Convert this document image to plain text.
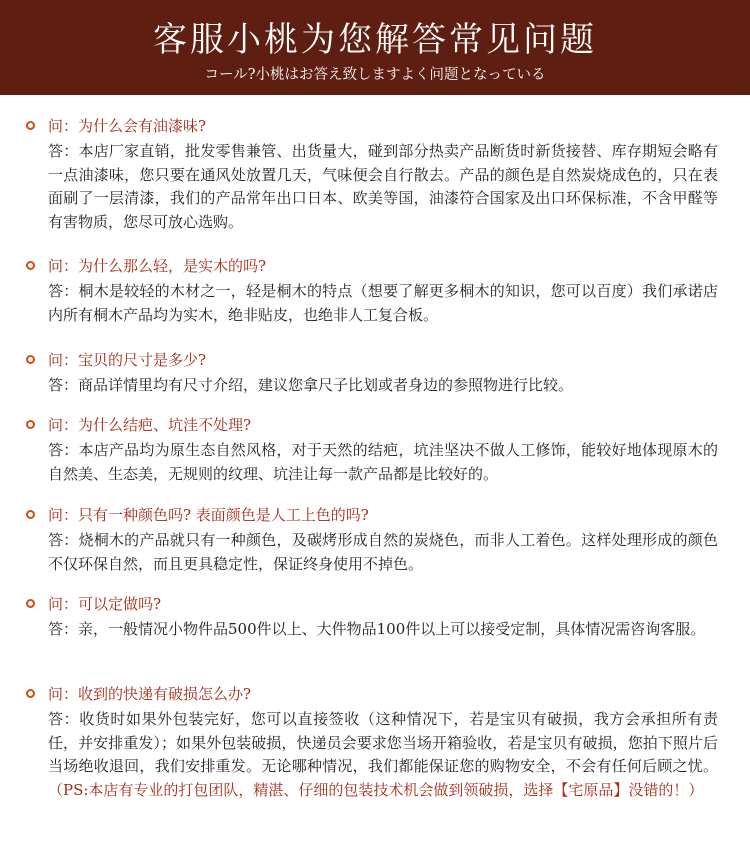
客服小桃为您解答常见问题
コール?小桃はお答え致しますよく问题となっている
问：为什么会有油漆味?

答：本店厂家直销，批发零售兼管、出货量大，碰到部分热卖产品断货时新货接替、库存期短会略有一点油漆味，您只要在通风处放置几天，气味便会自行散去。产品的颜色是自然炭烧成色的，只在表面刷了一层清漆，我们的产品常年出口日本、欧美等国，油漆符合国家及出口环保标准，不含甲醛等有害物质，您尽可放心选购。

问：为什么那么轻，是实木的吗?

答：桐木是较轻的木材之一，轻是桐木的特点（想要了解更多桐木的知识，您可以百度）我们承诺店内所有桐木产品均为实木，绝非贴皮，也绝非人工复合板。

问：宝贝的尺寸是多少?

答：商品详情里均有尺寸介绍，建议您拿尺子比划或者身边的参照物进行比较。

问：为什么结疤、坑洼不处理?

答：本店产品均为原生态自然风格，对于天然的结疤，坑洼坚决不做人工修饰，能较好地体现原木的自然美、生态美，无规则的纹理、坑洼让每一款产品都是比较好的。

问：只有一种颜色吗? 表面颜色是人工上色的吗?

答：烧桐木的产品就只有一种颜色，及碳烤形成自然的炭烧色，而非人工着色。这样处理形成的颜色不仅环保自然，而且更具稳定性，保证终身使用不掉色。

问：可以定做吗?

答：亲，一般情况小物件品500件以上、大件物品100件以上可以接受定制，具体情况需咨询客服。

问：收到的快递有破损怎么办?

答：收货时如果外包装完好，您可以直接签收（这种情况下，若是宝贝有破损，我方会承担所有责任，并安排重发）；如果外包装破损，快递员会要求您当场开箱验收，若是宝贝有破损，您拍下照片后当场绝收退回，我们安排重发。无论哪种情况，我们都能保证您的购物安全，不会有任何后顾之忧。（PS:本店有专业的打包团队，精湛、仔细的包装技术机会做到领破损，选择【宅原品】没错的！）
